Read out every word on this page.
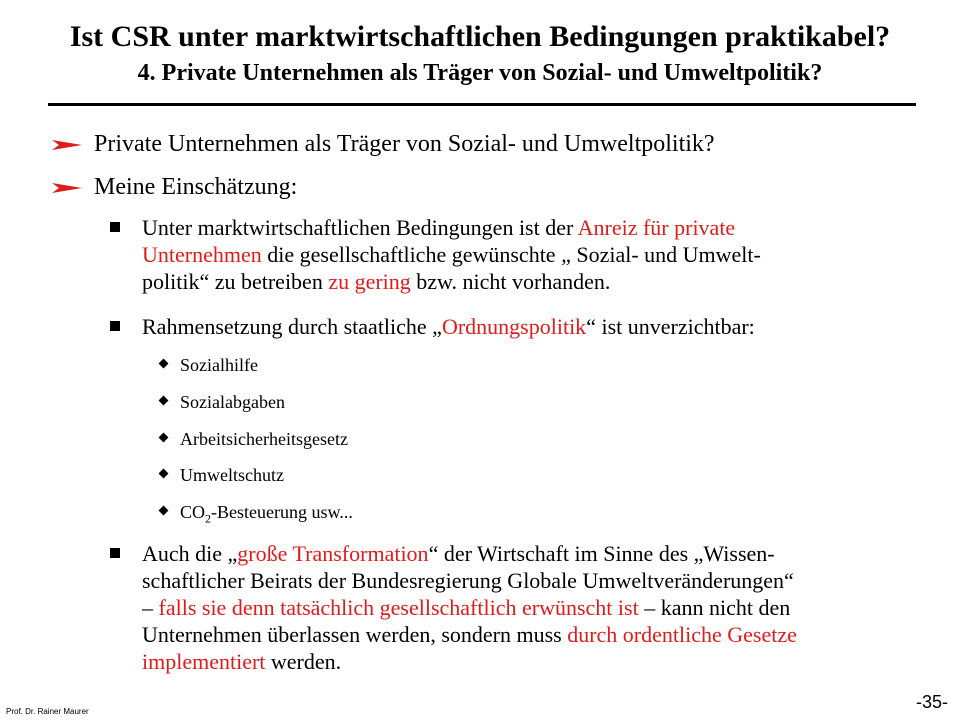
Ist CSR unter marktwirtschaftlichen Bedingungen praktikabel?
4. Private Unternehmen als Träger von Sozial- und Umweltpolitik?
Private Unternehmen als Träger von Sozial- und Umweltpolitik?
Meine Einschätzung:
Unter marktwirtschaftlichen Bedingungen ist der Anreiz für private
Unternehmen die gesellschaftliche gewünschte „ Sozial- und Umwelt-
politik“ zu betreiben zu gering bzw. nicht vorhanden.
Rahmensetzung durch staatliche „Ordnungspolitik“ ist unverzichtbar:
Sozialhilfe
Sozialabgaben
Arbeitsicherheitsgesetz
Umweltschutz
$CO_2$-Besteuerung usw...
Auch die „große Transformation“ der Wirtschaft im Sinne des „Wissen-
schaftlicher Beirats der Bundesregierung Globale Umweltveränderungen“
– falls sie denn tatsächlich gesellschaftlich erwünscht ist – kann nicht den
Unternehmen überlassen werden, sondern muss durch ordentliche Gesetze
implementiert werden.
Prof. Dr. Rainer Maurer	-35-
